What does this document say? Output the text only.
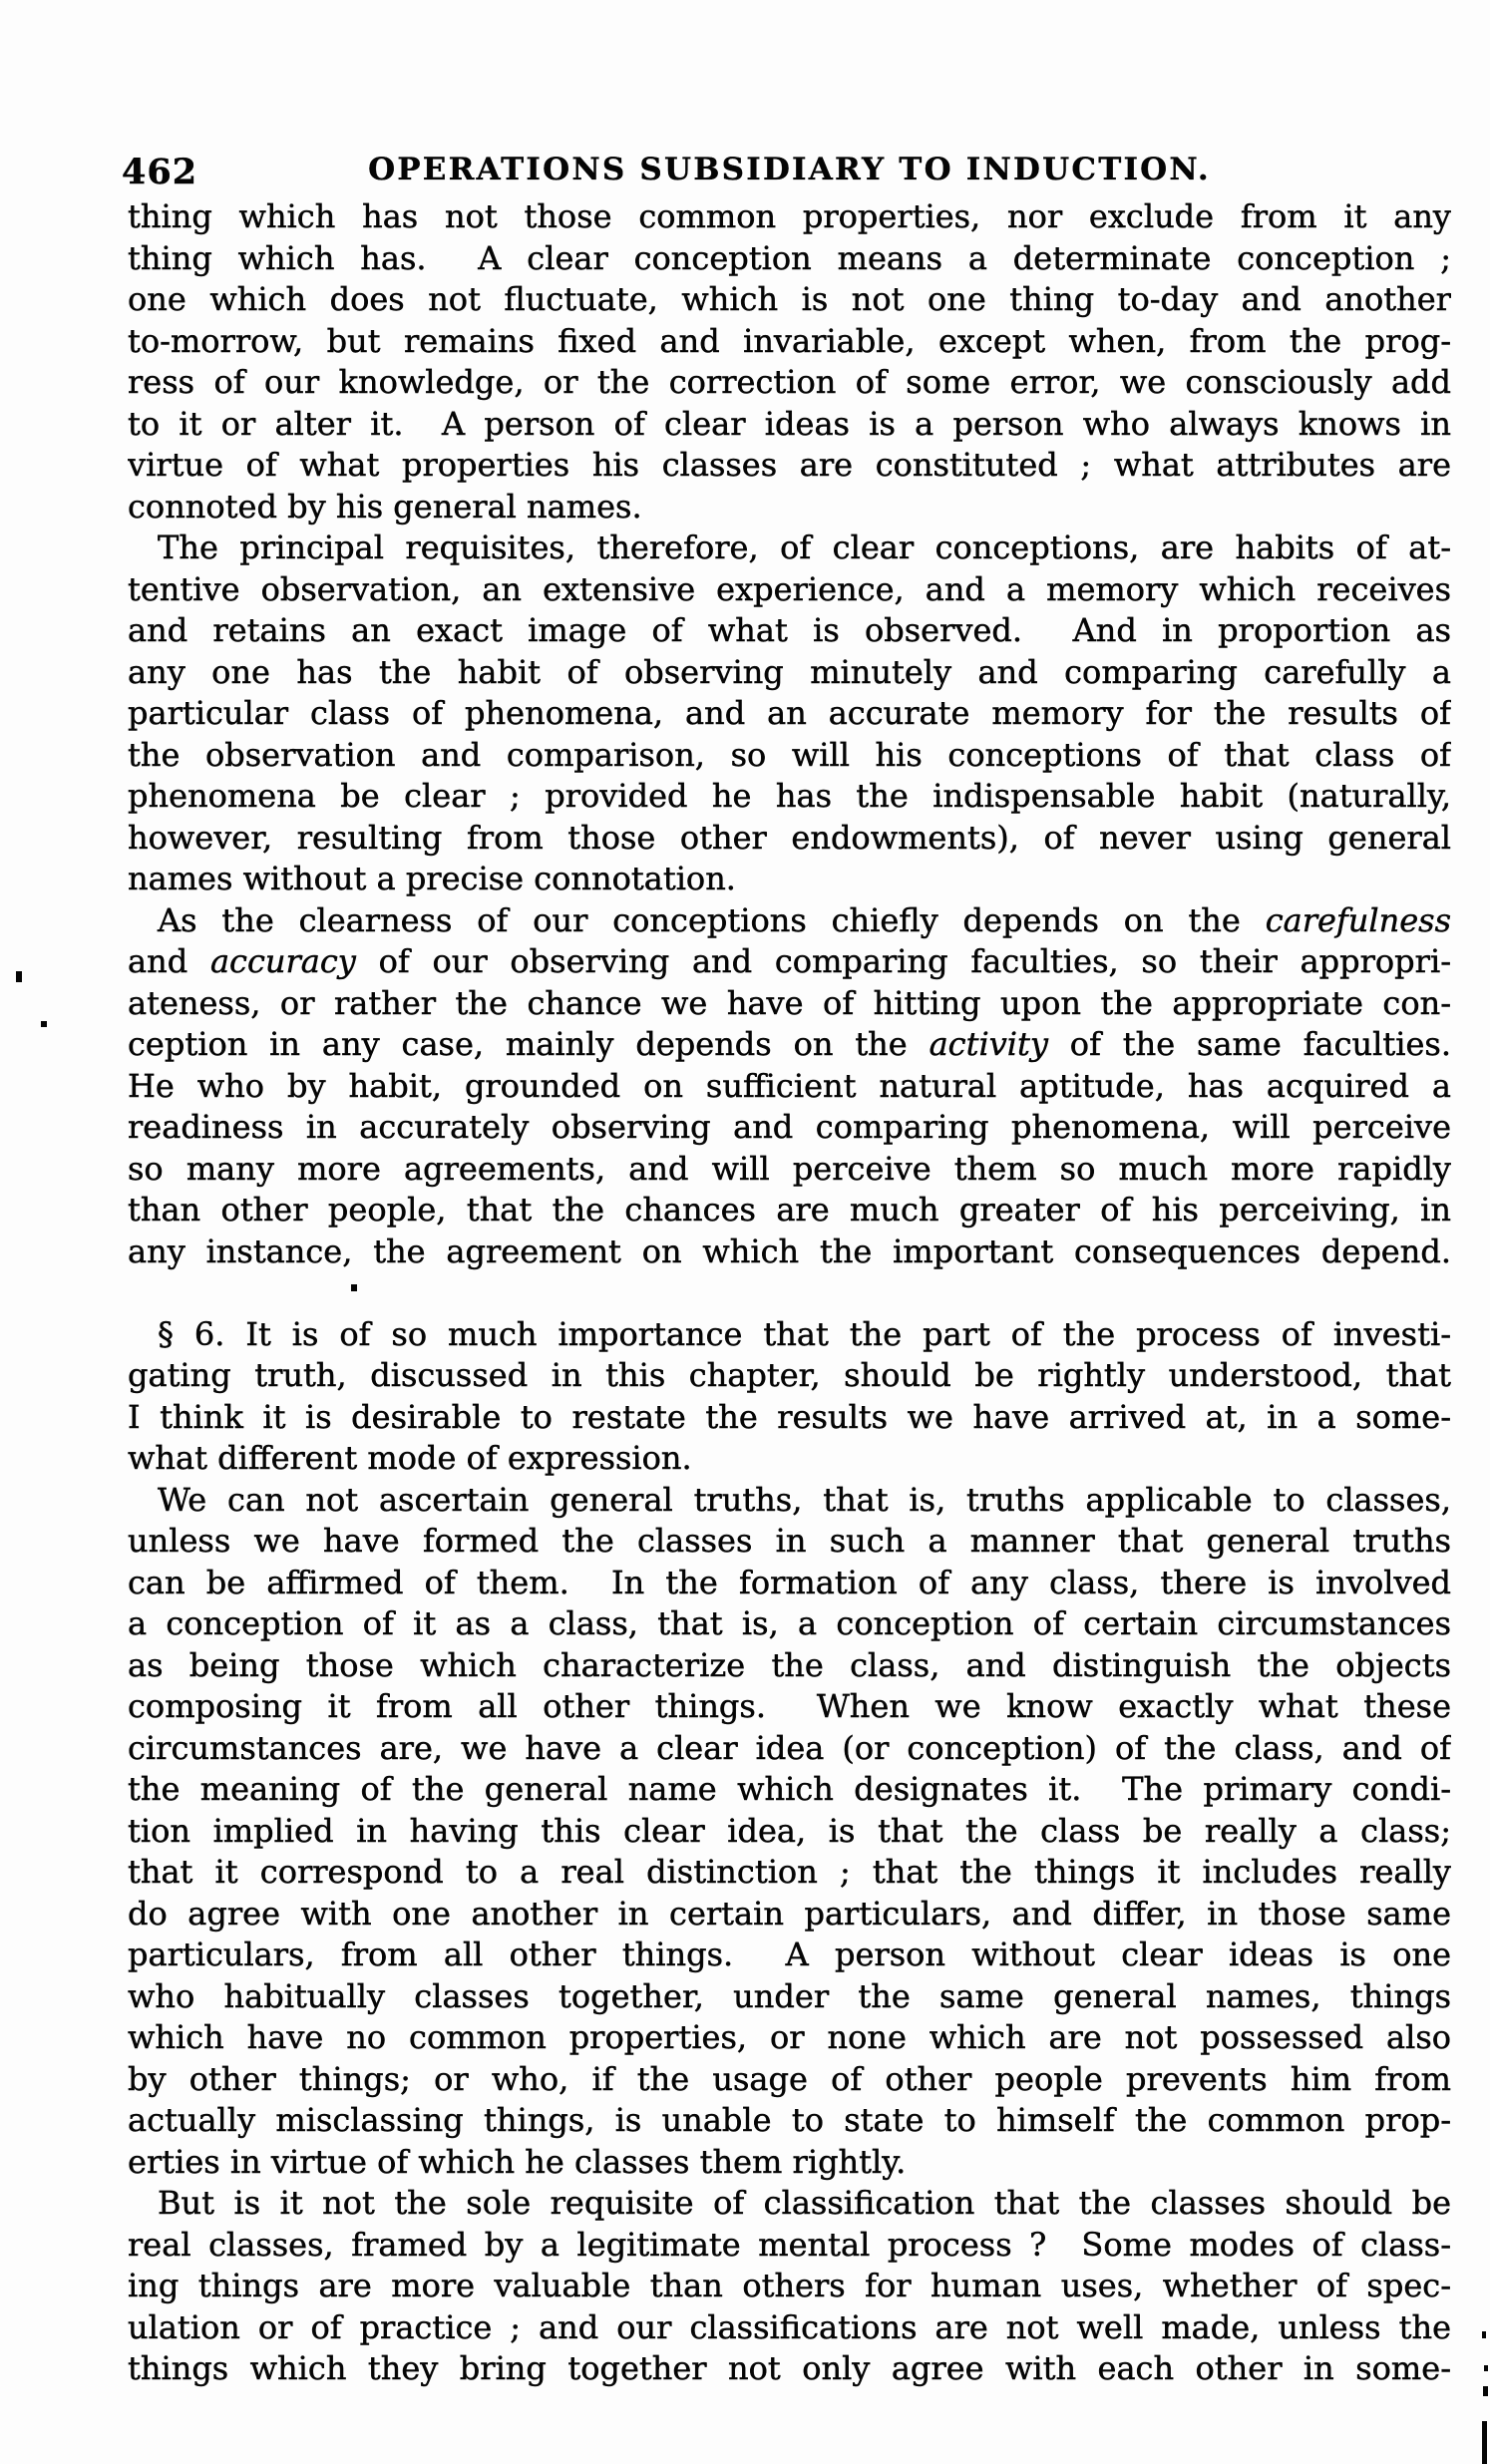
462	OPERATIONS SUBSIDIARY TO INDUCTION.
thing which has not those common properties, nor exclude from it any
thing which has.  A clear conception means a determinate conception ;
one which does not fluctuate, which is not one thing to-day and another
to-morrow, but remains fixed and invariable, except when, from the prog-
ress of our knowledge, or the correction of some error, we consciously add
to it or alter it.  A person of clear ideas is a person who always knows in
virtue of what properties his classes are constituted ; what attributes are
connoted by his general names.
The principal requisites, therefore, of clear conceptions, are habits of at-
tentive observation, an extensive experience, and a memory which receives
and retains an exact image of what is observed.  And in proportion as
any one has the habit of observing minutely and comparing carefully a
particular class of phenomena, and an accurate memory for the results of
the observation and comparison, so will his conceptions of that class of
phenomena be clear ; provided he has the indispensable habit (naturally,
however, resulting from those other endowments), of never using general
names without a precise connotation.
As the clearness of our conceptions chiefly depends on the carefulness
and accuracy of our observing and comparing faculties, so their appropri-
ateness, or rather the chance we have of hitting upon the appropriate con-
ception in any case, mainly depends on the activity of the same faculties.
He who by habit, grounded on sufficient natural aptitude, has acquired a
readiness in accurately observing and comparing phenomena, will perceive
so many more agreements, and will perceive them so much more rapidly
than other people, that the chances are much greater of his perceiving, in
any instance, the agreement on which the important consequences depend.
§ 6. It is of so much importance that the part of the process of investi-
gating truth, discussed in this chapter, should be rightly understood, that
I think it is desirable to restate the results we have arrived at, in a some-
what different mode of expression.
We can not ascertain general truths, that is, truths applicable to classes,
unless we have formed the classes in such a manner that general truths
can be affirmed of them.  In the formation of any class, there is involved
a conception of it as a class, that is, a conception of certain circumstances
as being those which characterize the class, and distinguish the objects
composing it from all other things.  When we know exactly what these
circumstances are, we have a clear idea (or conception) of the class, and of
the meaning of the general name which designates it.  The primary condi-
tion implied in having this clear idea, is that the class be really a class;
that it correspond to a real distinction ; that the things it includes really
do agree with one another in certain particulars, and differ, in those same
particulars, from all other things.  A person without clear ideas is one
who habitually classes together, under the same general names, things
which have no common properties, or none which are not possessed also
by other things; or who, if the usage of other people prevents him from
actually misclassing things, is unable to state to himself the common prop-
erties in virtue of which he classes them rightly.
But is it not the sole requisite of classification that the classes should be
real classes, framed by a legitimate mental process ?  Some modes of class-
ing things are more valuable than others for human uses, whether of spec-
ulation or of practice ; and our classifications are not well made, unless the
things which they bring together not only agree with each other in some-
